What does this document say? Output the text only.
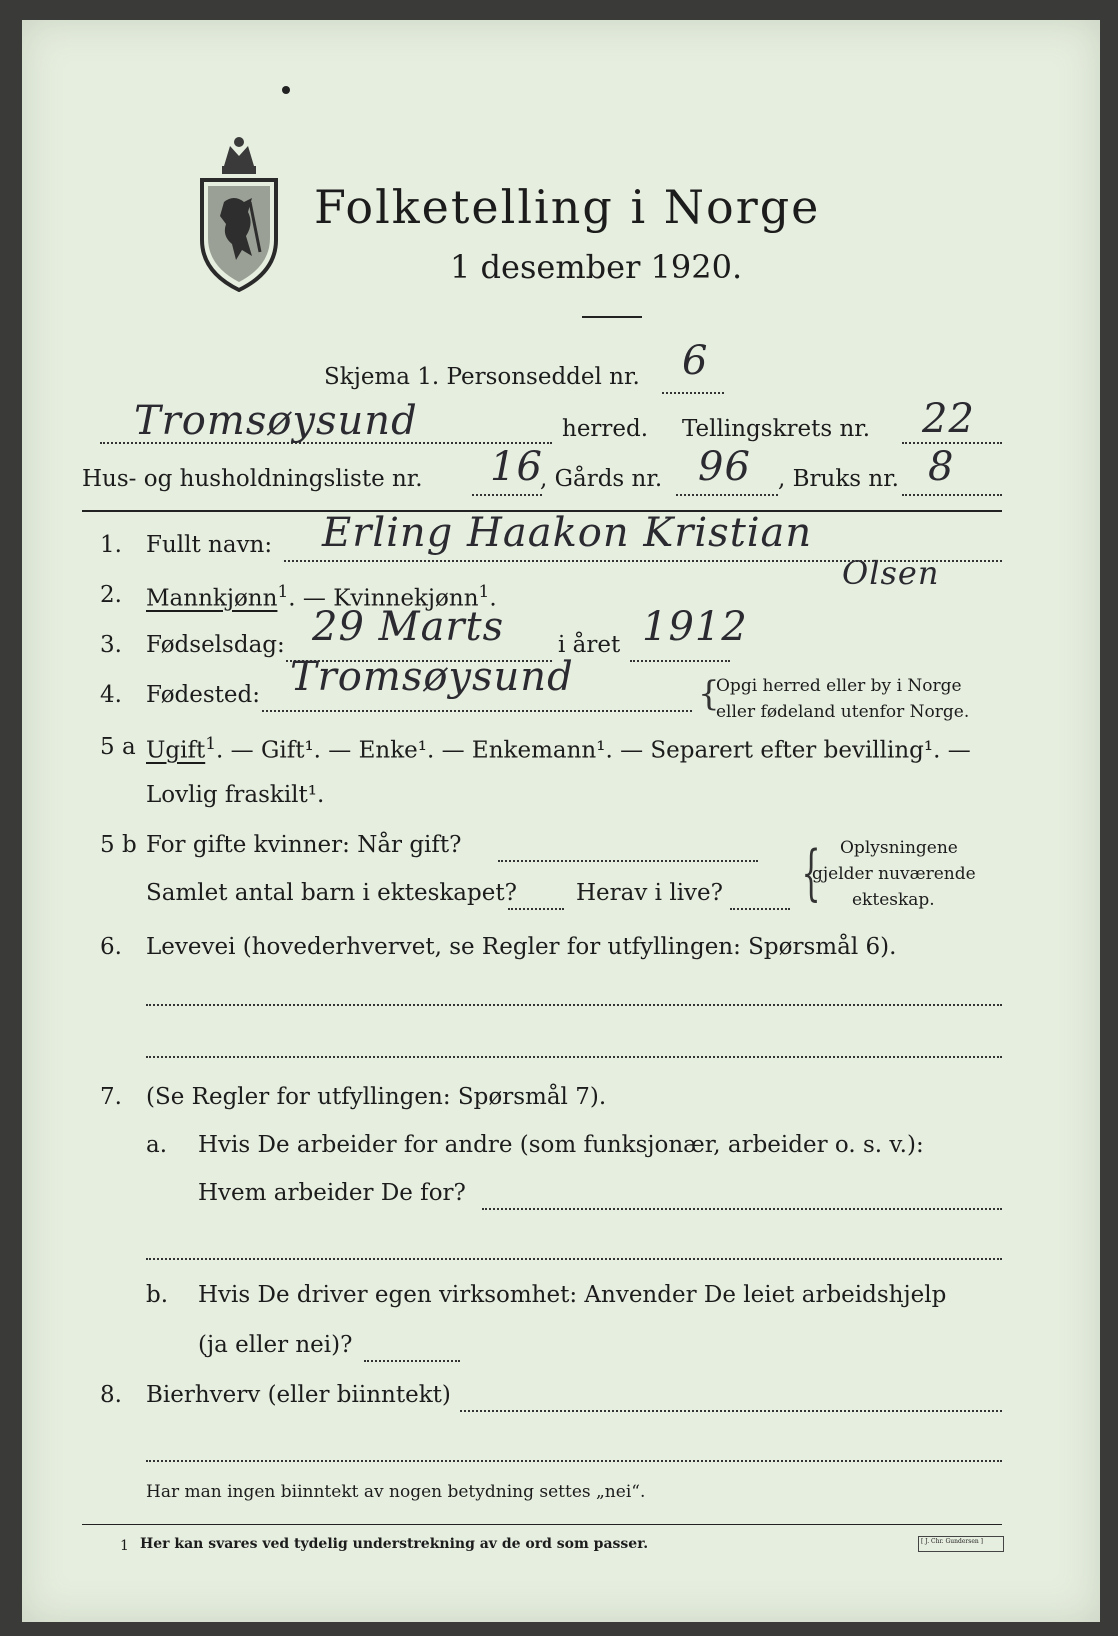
Folketelling i Norge
1 desember 1920.
Skjema 1. Personseddel nr. 6
Tromsøysund	herred. Tellingskrets nr. 22
Hus- og husholdningsliste nr. 16
, Gårds nr. 96 , Bruks nr. 8
1. Fullt navn: Erling Haakon Kristian
Olsen
2. Mannkjønn$^1$. — Kvinnekjønn$^1$.
3. Fødselsdag: 29 Marts i året 1912
4. Fødested: Tromsøysund	{
Opgi herred eller by i Norge
eller fødeland utenfor Norge.
5 a Ugift$^1$. — Gift¹. — Enke¹. — Enkemann¹. — Separert efter bevilling¹. —
Lovlig fraskilt¹.
5 b For gifte kvinner: Når gift?
Samlet antal barn i ekteskapet?	Herav i live? { Oplysningene
gjelder nuværende
ekteskap.
6. Levevei (hovederhvervet, se Regler for utfyllingen: Spørsmål 6).
7. (Se Regler for utfyllingen: Spørsmål 7).
a. Hvis De arbeider for andre (som funksjonær, arbeider o. s. v.):
Hvem arbeider De for?
b. Hvis De driver egen virksomhet: Anvender De leiet arbeidshjelp
(ja eller nei)?
8. Bierhverv (eller biinntekt)
Har man ingen biinntekt av nogen betydning settes „nei“.
1 Her kan svares ved tydelig understrekning av de ord som passer.	[ J. Chr. Gundersen ]
